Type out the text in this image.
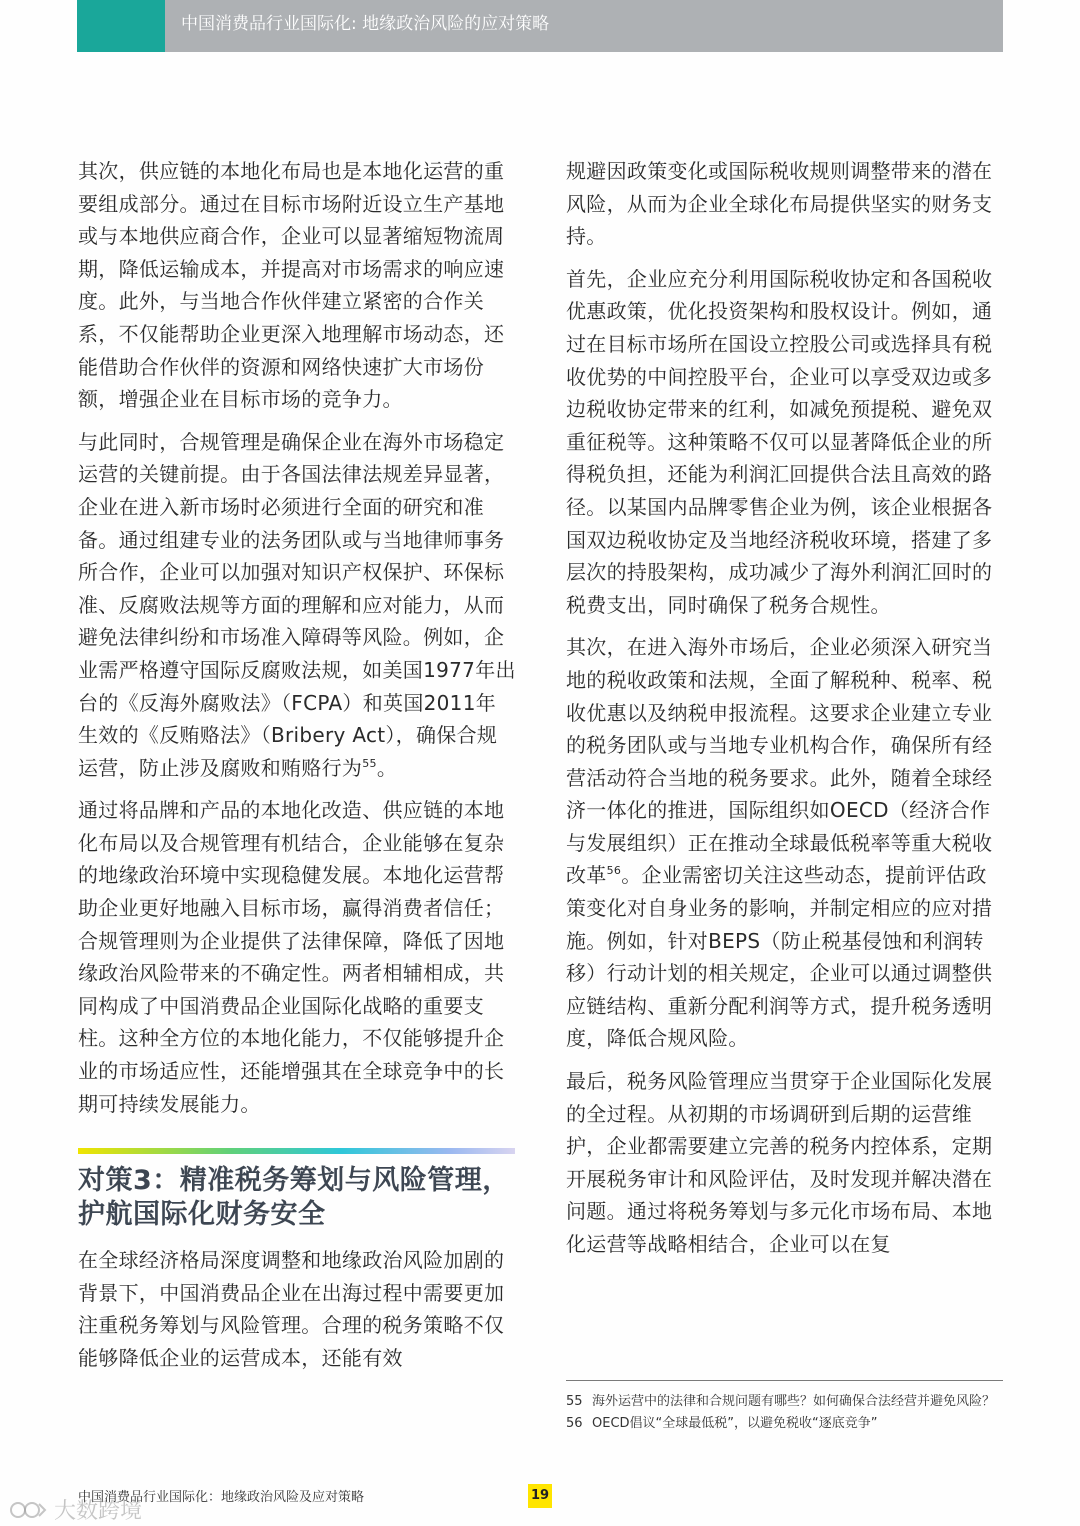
中国消费品行业国际化: 地缘政治风险的应对策略

其次，供应链的本地化布局也是本地化运营的重要组成部分。通过在目标市场附近设立生产基地或与本地供应商合作，企业可以显著缩短物流周期，降低运输成本，并提高对市场需求的响应速度。此外，与当地合作伙伴建立紧密的合作关系，不仅能帮助企业更深入地理解市场动态，还能借助合作伙伴的资源和网络快速扩大市场份额，增强企业在目标市场的竞争力。

与此同时，合规管理是确保企业在海外市场稳定运营的关键前提。由于各国法律法规差异显著，企业在进入新市场时必须进行全面的研究和准备。通过组建专业的法务团队或与当地律师事务所合作，企业可以加强对知识产权保护、环保标准、反腐败法规等方面的理解和应对能力，从而避免法律纠纷和市场准入障碍等风险。例如，企业需严格遵守国际反腐败法规，如美国1977年出台的《反海外腐败法》（FCPA）和英国2011年生效的《反贿赂法》（Bribery Act），确保合规运营，防止涉及腐败和贿赂行为$^{55}$。

通过将品牌和产品的本地化改造、供应链的本地化布局以及合规管理有机结合，企业能够在复杂的地缘政治环境中实现稳健发展。本地化运营帮助企业更好地融入目标市场，赢得消费者信任；合规管理则为企业提供了法律保障，降低了因地缘政治风险带来的不确定性。两者相辅相成，共同构成了中国消费品企业国际化战略的重要支柱。这种全方位的本地化能力，不仅能够提升企业的市场适应性，还能增强其在全球竞争中的长期可持续发展能力。

对策3：精准税务筹划与风险管理，护航国际化财务安全

在全球经济格局深度调整和地缘政治风险加剧的背景下，中国消费品企业在出海过程中需要更加注重税务筹划与风险管理。合理的税务策略不仅能够降低企业的运营成本，还能有效

规避因政策变化或国际税收规则调整带来的潜在风险，从而为企业全球化布局提供坚实的财务支持。

首先，企业应充分利用国际税收协定和各国税收优惠政策，优化投资架构和股权设计。例如，通过在目标市场所在国设立控股公司或选择具有税收优势的中间控股平台，企业可以享受双边或多边税收协定带来的红利，如减免预提税、避免双重征税等。这种策略不仅可以显著降低企业的所得税负担，还能为利润汇回提供合法且高效的路径。以某国内品牌零售企业为例，该企业根据各国双边税收协定及当地经济税收环境，搭建了多层次的持股架构，成功减少了海外利润汇回时的税费支出，同时确保了税务合规性。

其次，在进入海外市场后，企业必须深入研究当地的税收政策和法规，全面了解税种、税率、税收优惠以及纳税申报流程。这要求企业建立专业的税务团队或与当地专业机构合作，确保所有经营活动符合当地的税务要求。此外，随着全球经济一体化的推进，国际组织如OECD（经济合作与发展组织）正在推动全球最低税率等重大税收改革$^{56}$。企业需密切关注这些动态，提前评估政策变化对自身业务的影响，并制定相应的应对措施。例如，针对BEPS（防止税基侵蚀和利润转移）行动计划的相关规定，企业可以通过调整供应链结构、重新分配利润等方式，提升税务透明度，降低合规风险。

最后，税务风险管理应当贯穿于企业国际化发展的全过程。从初期的市场调研到后期的运营维护，企业都需要建立完善的税务内控体系，定期开展税务审计和风险评估，及时发现并解决潜在问题。通过将税务筹划与多元化市场布局、本地化运营等战略相结合，企业可以在复

55 海外运营中的法律和合规问题有哪些？如何确保合法经营并避免风险？
56 OECD倡议“全球最低税”，以避免税收“逐底竞争”
中国消费品行业国际化：地缘政治风险及应对策略	19
大数跨境
